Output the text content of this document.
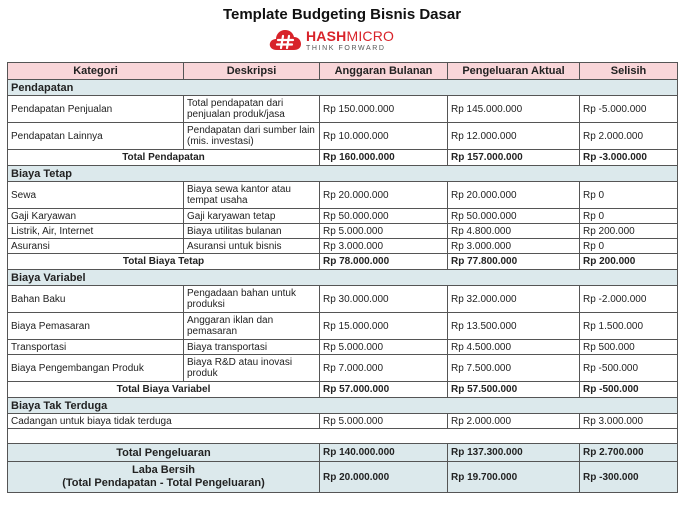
Template Budgeting Bisnis Dasar
HASHMICRO
THINK FORWARD
Kategori	Deskripsi	Anggaran Bulanan	Pengeluaran Aktual	Selisih
Pendapatan				
Pendapatan Penjualan	Total pendapatan dari penjualan produk/jasa	Rp 150.000.000	Rp 145.000.000	Rp -5.000.000
Pendapatan Lainnya	Pendapatan dari sumber lain (mis. investasi)	Rp 10.000.000	Rp 12.000.000	Rp 2.000.000
Total Pendapatan		Rp 160.000.000	Rp 157.000.000	Rp -3.000.000
Biaya Tetap				
Sewa	Biaya sewa kantor atau tempat usaha	Rp 20.000.000	Rp 20.000.000	Rp 0
Gaji Karyawan	Gaji karyawan tetap	Rp 50.000.000	Rp 50.000.000	Rp 0
Listrik, Air, Internet	Biaya utilitas bulanan	Rp 5.000.000	Rp 4.800.000	Rp 200.000
Asuransi	Asuransi untuk bisnis	Rp 3.000.000	Rp 3.000.000	Rp 0
Total Biaya Tetap		Rp 78.000.000	Rp 77.800.000	Rp 200.000
Biaya Variabel				
Bahan Baku	Pengadaan bahan untuk produksi	Rp 30.000.000	Rp 32.000.000	Rp -2.000.000
Biaya Pemasaran	Anggaran iklan dan pemasaran	Rp 15.000.000	Rp 13.500.000	Rp 1.500.000
Transportasi	Biaya transportasi	Rp 5.000.000	Rp 4.500.000	Rp 500.000
Biaya Pengembangan Produk	Biaya R&D atau inovasi produk	Rp 7.000.000	Rp 7.500.000	Rp -500.000
Total Biaya Variabel		Rp 57.000.000	Rp 57.500.000	Rp -500.000
Biaya Tak Terduga				
Cadangan untuk biaya tidak terduga		Rp 5.000.000	Rp 2.000.000	Rp 3.000.000

Total Pengeluaran		Rp 140.000.000	Rp 137.300.000	Rp 2.700.000

Laba Bersih
(Total Pendapatan - Total Pengeluaran)		Rp 20.000.000	Rp 19.700.000	Rp -300.000
